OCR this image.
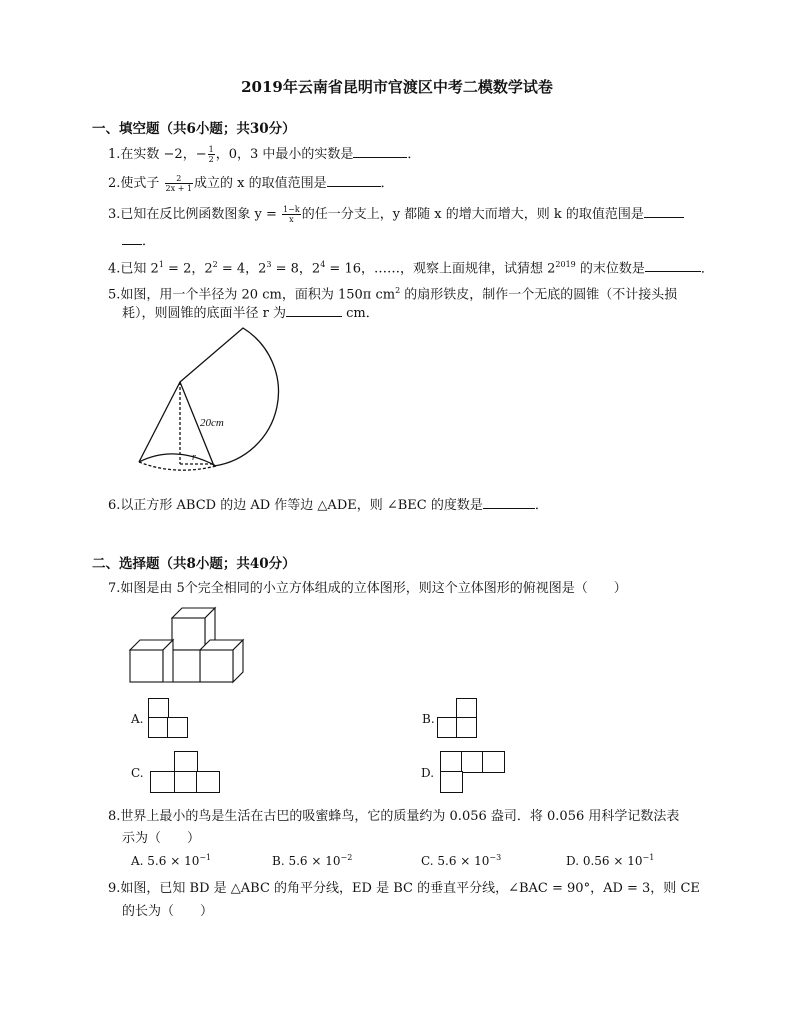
2019年云南省昆明市官渡区中考二模数学试卷
一、填空题（共6小题；共30分）
1.在实数 −2，− $\frac{1}{2}$ ，0，3 中最小的实数是	．
2.使式子 $\frac{2}{2x + 1}$ 成立的 x 的取值范围是	．
3.已知在反比例函数图象 $y = \frac{1-k}{x}$ 的任一分支上，y 都随 x 的增大而增大，则 k 的取值范围是
．
4.已知 $2^1 = 2$，$2^2 = 4$，$2^3 = 8$，$2^4 = 16$，……，观察上面规律，试猜想 $2^{2019}$ 的末位数是	．
5.如图，用一个半径为 20 cm，面积为 150π $cm^2$ 的扇形铁皮，制作一个无底的圆锥（不计接头损
耗），则圆锥的底面半径 r 为	cm．
20cm
r
6.以正方形 ABCD 的边 AD 作等边 △ADE，则 ∠BEC 的度数是	．
二、选择题（共8小题；共40分）
7.如图是由 5个完全相同的小立方体组成的立体图形，则这个立体图形的俯视图是（　　）
A.	B.
C.	D.
8.世界上最小的鸟是生活在古巴的吸蜜蜂鸟，它的质量约为 0.056 盎司．将 0.056 用科学记数法表
示为（　　）
A. $5.6 \times 10^{-1}$	B. $5.6 \times 10^{-2}$	C. $5.6 \times 10^{-3}$	D. $0.56 \times 10^{-1}$
9.如图，已知 BD 是 △ABC 的角平分线，ED 是 BC 的垂直平分线，∠BAC = 90°，AD = 3，则 CE
的长为（　　）
